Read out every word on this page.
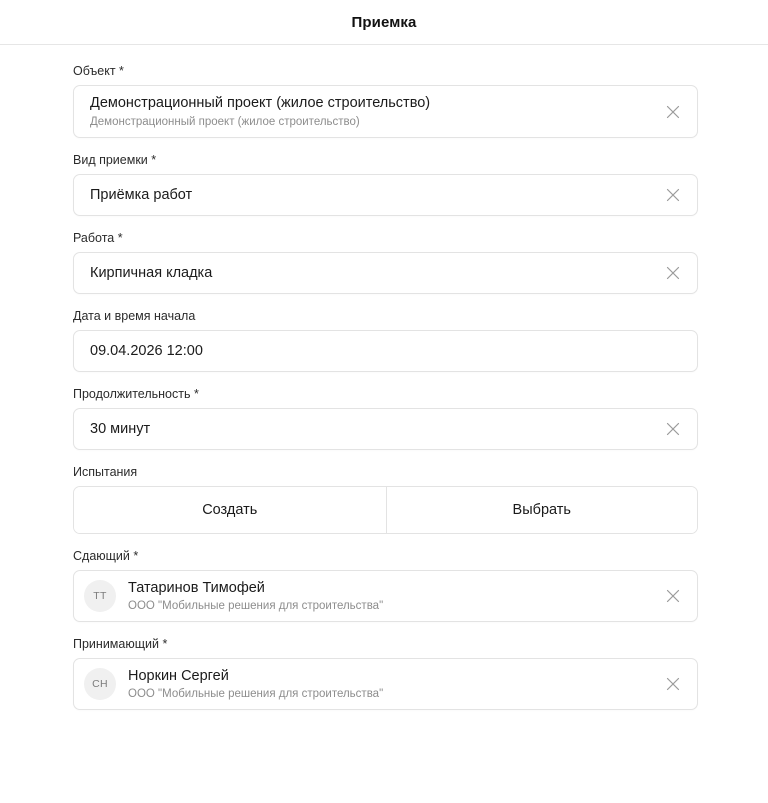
Приемка
Объект *
Демонстрационный проект (жилое строительство)
Демонстрационный проект (жилое строительство)
Вид приемки *
Приёмка работ
Работа *
Кирпичная кладка
Дата и время начала
09.04.2026 12:00
Продолжительность *
30 минут
Испытания
Создать	Выбрать
Сдающий *
ТТ
Татаринов Тимофей
ООО "Мобильные решения для строительства"
Принимающий *
СН
Норкин Сергей
ООО "Мобильные решения для строительства"
